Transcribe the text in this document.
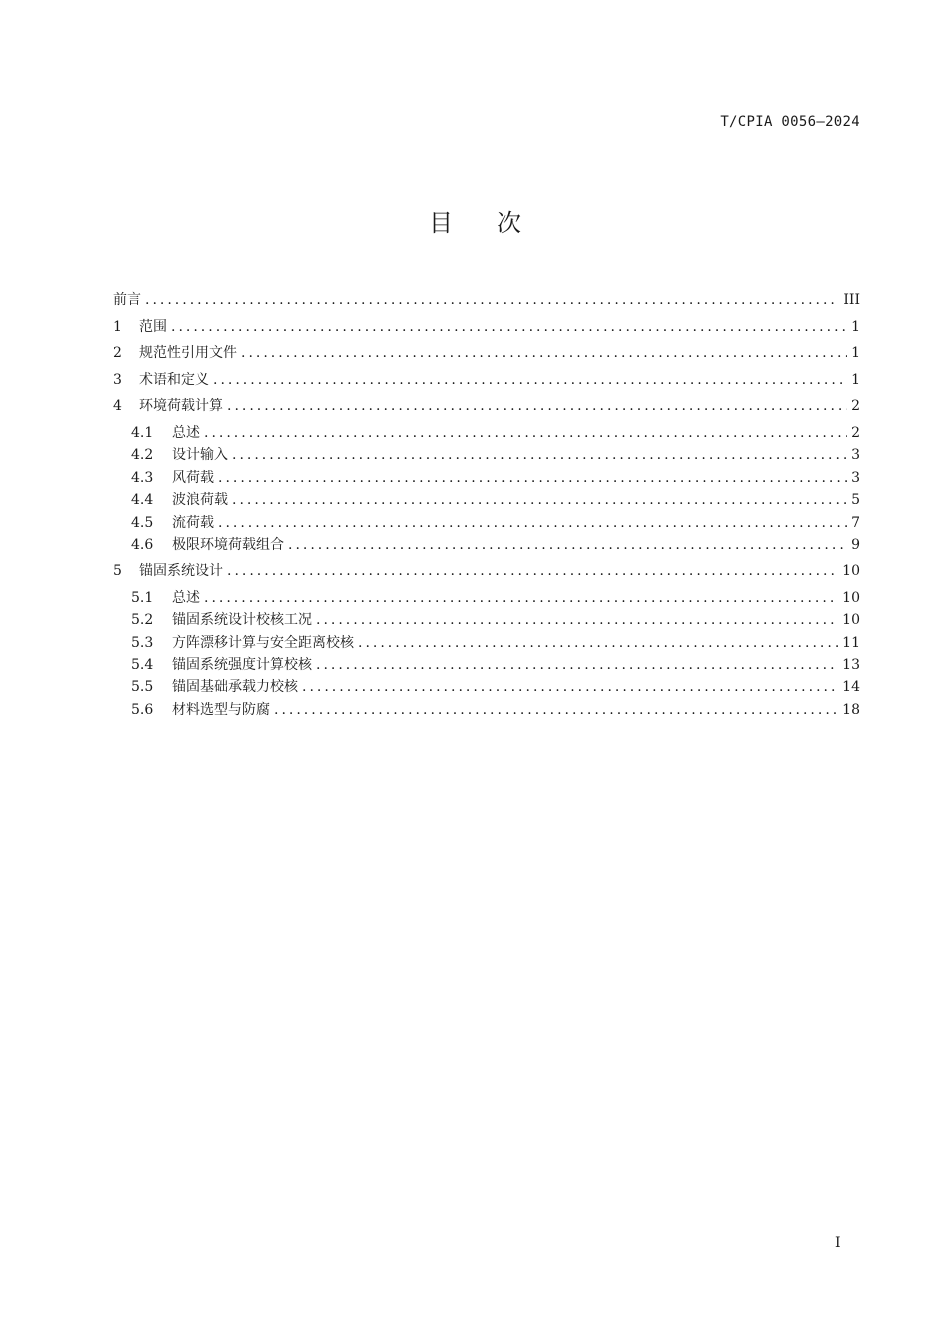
T/CPIA 0056—2024
目次
前言 .....	III
1	范围 .....	1
2	规范性引用文件 .....	1
3	术语和定义 .....	1
4	环境荷载计算 .....	2
4.1	总述 .....	2
4.2	设计输入 .....	3
4.3	风荷载 .....	3
4.4	波浪荷载 .....	5
4.5	流荷载 .....	7
4.6	极限环境荷载组合 .....	9
5	锚固系统设计 .....	10
5.1	总述 .....	10
5.2	锚固系统设计校核工况 .....	10
5.3	方阵漂移计算与安全距离校核 .....	11
5.4	锚固系统强度计算校核 .....	13
5.5	锚固基础承载力校核 .....	14
5.6	材料选型与防腐 .....	18
I
